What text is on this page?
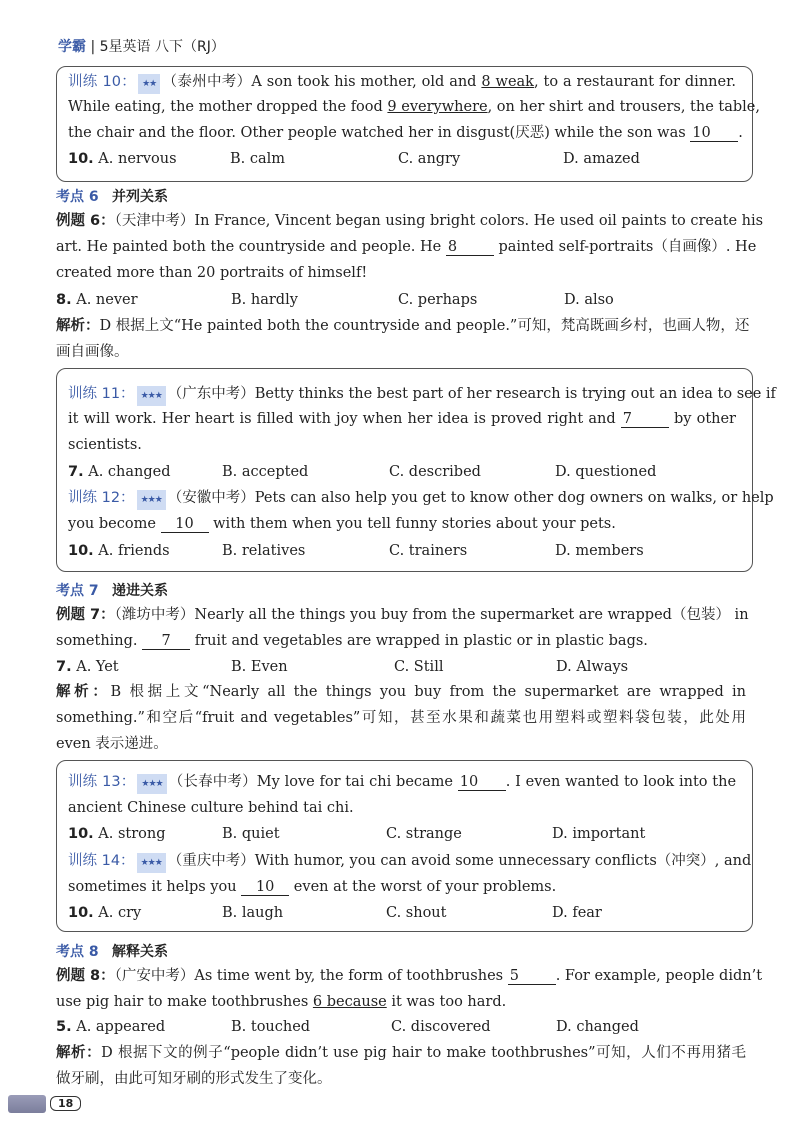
学霸 | 5星英语 八下（RJ）
训练 10： ★★ （泰州中考）A son took his mother, old and 8 weak, to a restaurant for dinner.
While eating, the mother dropped the food 9 everywhere, on her shirt and trousers, the table,
the chair and the floor. Other people watched her in disgust(厌恶) while the son was 10 .
10. A. nervous	B. calm	C. angry	D. amazed
考点 6 并列关系
例题 6：（天津中考）In France, Vincent began using bright colors. He used oil paints to create his
art. He painted both the countryside and people. He 8	painted self-portraits（自画像）. He
created more than 20 portraits of himself!
8. A. never	B. hardly	C. perhaps	D. also
解析：D 根据上文“He painted both the countryside and people.”可知，梵高既画乡村，也画人物，还
画自画像。
训练 11： ★★★ （广东中考）Betty thinks the best part of her research is trying out an idea to see if
it will work. Her heart is filled with joy when her idea is proved right and 7	by other
scientists.
7. A. changed	B. accepted	C. described	D. questioned
训练 12： ★★★ （安徽中考）Pets can also help you get to know other dog owners on walks, or help
you become 10 with them when you tell funny stories about your pets.
10. A. friends	B. relatives	C. trainers	D. members
考点 7 递进关系
例题 7：（潍坊中考）Nearly all the things you buy from the supermarket are wrapped（包装） in
something. 7 fruit and vegetables are wrapped in plastic or in plastic bags.
7. A. Yet	B. Even	C. Still	D. Always
解析：B 根据上文“Nearly all the things you buy from the supermarket are wrapped in
something.”和空后“fruit and vegetables”可知，甚至水果和蔬菜也用塑料或塑料袋包装，此处用
even 表示递进。
训练 13： ★★★ （长春中考）My love for tai chi became 10 . I even wanted to look into the
ancient Chinese culture behind tai chi.
10. A. strong	B. quiet	C. strange	D. important
训练 14： ★★★ （重庆中考）With humor, you can avoid some unnecessary conflicts（冲突）, and
sometimes it helps you 10 even at the worst of your problems.
10. A. cry	B. laugh	C. shout	D. fear
考点 8 解释关系
例题 8：（广安中考）As time went by, the form of toothbrushes 5	. For example, people didn’t
use pig hair to make toothbrushes 6 because it was too hard.
5. A. appeared	B. touched	C. discovered	D. changed
解析：D 根据下文的例子“people didn’t use pig hair to make toothbrushes”可知，人们不再用猪毛
做牙刷，由此可知牙刷的形式发生了变化。
18
